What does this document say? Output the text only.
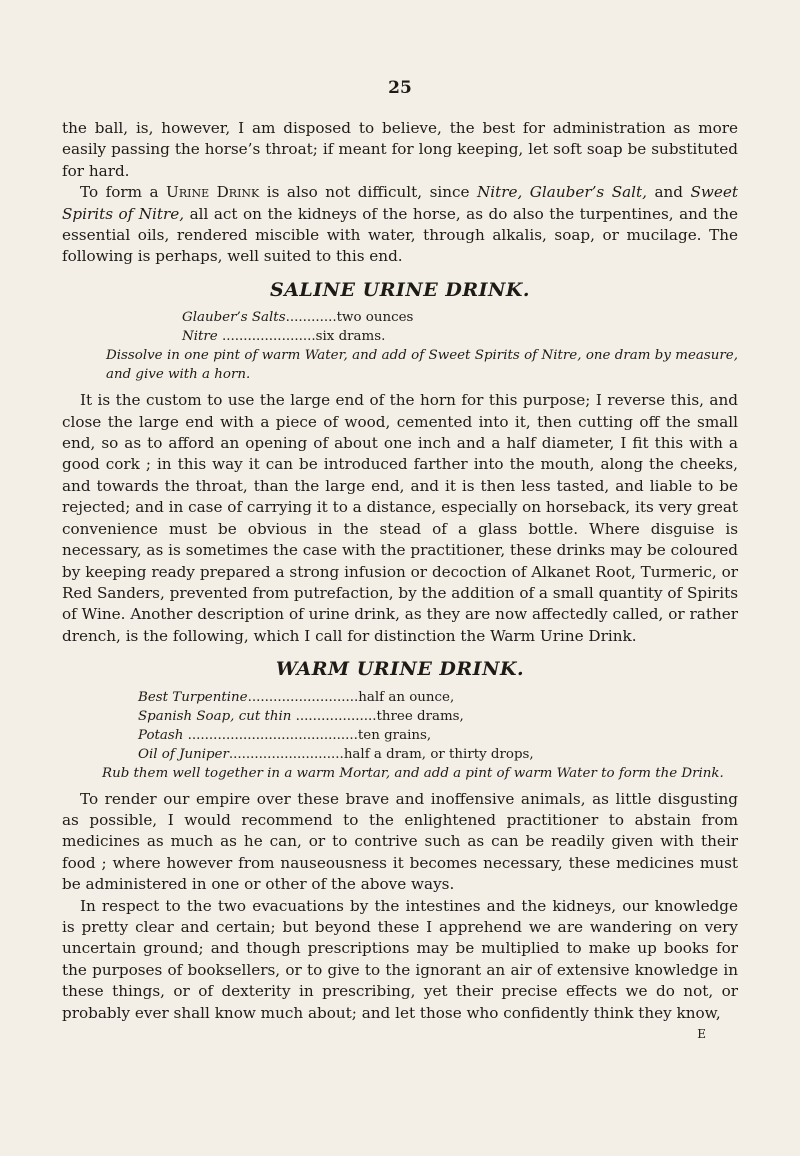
25

the ball, is, however, I am disposed to believe, the best for administration as more easily passing the horse’s throat; if meant for long keeping, let soft soap be substituted for hard.

To form a Urine Drink is also not difficult, since Nitre, Glauber’s Salt, and Sweet Spirits of Nitre, all act on the kidneys of the horse, as do also the turpentines, and the essential oils, rendered miscible with water, through alkalis, soap, or mucilage. The following is perhaps, well suited to this end.

SALINE URINE DRINK.
Glauber’s Salts............two ounces
Nitre ......................six drams.
Dissolve in one pint of warm Water, and add of Sweet Spirits of Nitre, one dram by measure, and give with a horn.

It is the custom to use the large end of the horn for this purpose; I reverse this, and close the large end with a piece of wood, cemented into it, then cutting off the small end, so as to afford an opening of about one inch and a half diameter, I fit this with a good cork ; in this way it can be introduced farther into the mouth, along the cheeks, and towards the throat, than the large end, and it is then less tasted, and liable to be rejected; and in case of carrying it to a distance, especially on horseback, its very great convenience must be obvious in the stead of a glass bottle. Where disguise is necessary, as is sometimes the case with the practitioner, these drinks may be coloured by keeping ready prepared a strong infusion or decoction of Alkanet Root, Turmeric, or Red Sanders, prevented from putrefaction, by the addition of a small quantity of Spirits of Wine. Another description of urine drink, as they are now affectedly called, or rather drench, is the following, which I call for distinction the Warm Urine Drink.

WARM URINE DRINK.
Best Turpentine..........................half an ounce,
Spanish Soap, cut thin ...................three drams,
Potash ........................................ten grains,
Oil of Juniper...........................half a dram, or thirty drops,
Rub them well together in a warm Mortar, and add a pint of warm Water to form the Drink.

To render our empire over these brave and inoffensive animals, as little disgusting as possible, I would recommend to the enlightened practitioner to abstain from medicines as much as he can, or to contrive such as can be readily given with their food ; where however from nauseousness it becomes necessary, these medicines must be administered in one or other of the above ways.

In respect to the two evacuations by the intestines and the kidneys, our knowledge is pretty clear and certain; but beyond these I apprehend we are wandering on very uncertain ground; and though prescriptions may be multiplied to make up books for the purposes of booksellers, or to give to the ignorant an air of extensive knowledge in these things, or of dexterity in prescribing, yet their precise effects we do not, or probably ever shall know much about; and let those who confidently think they know,

E
